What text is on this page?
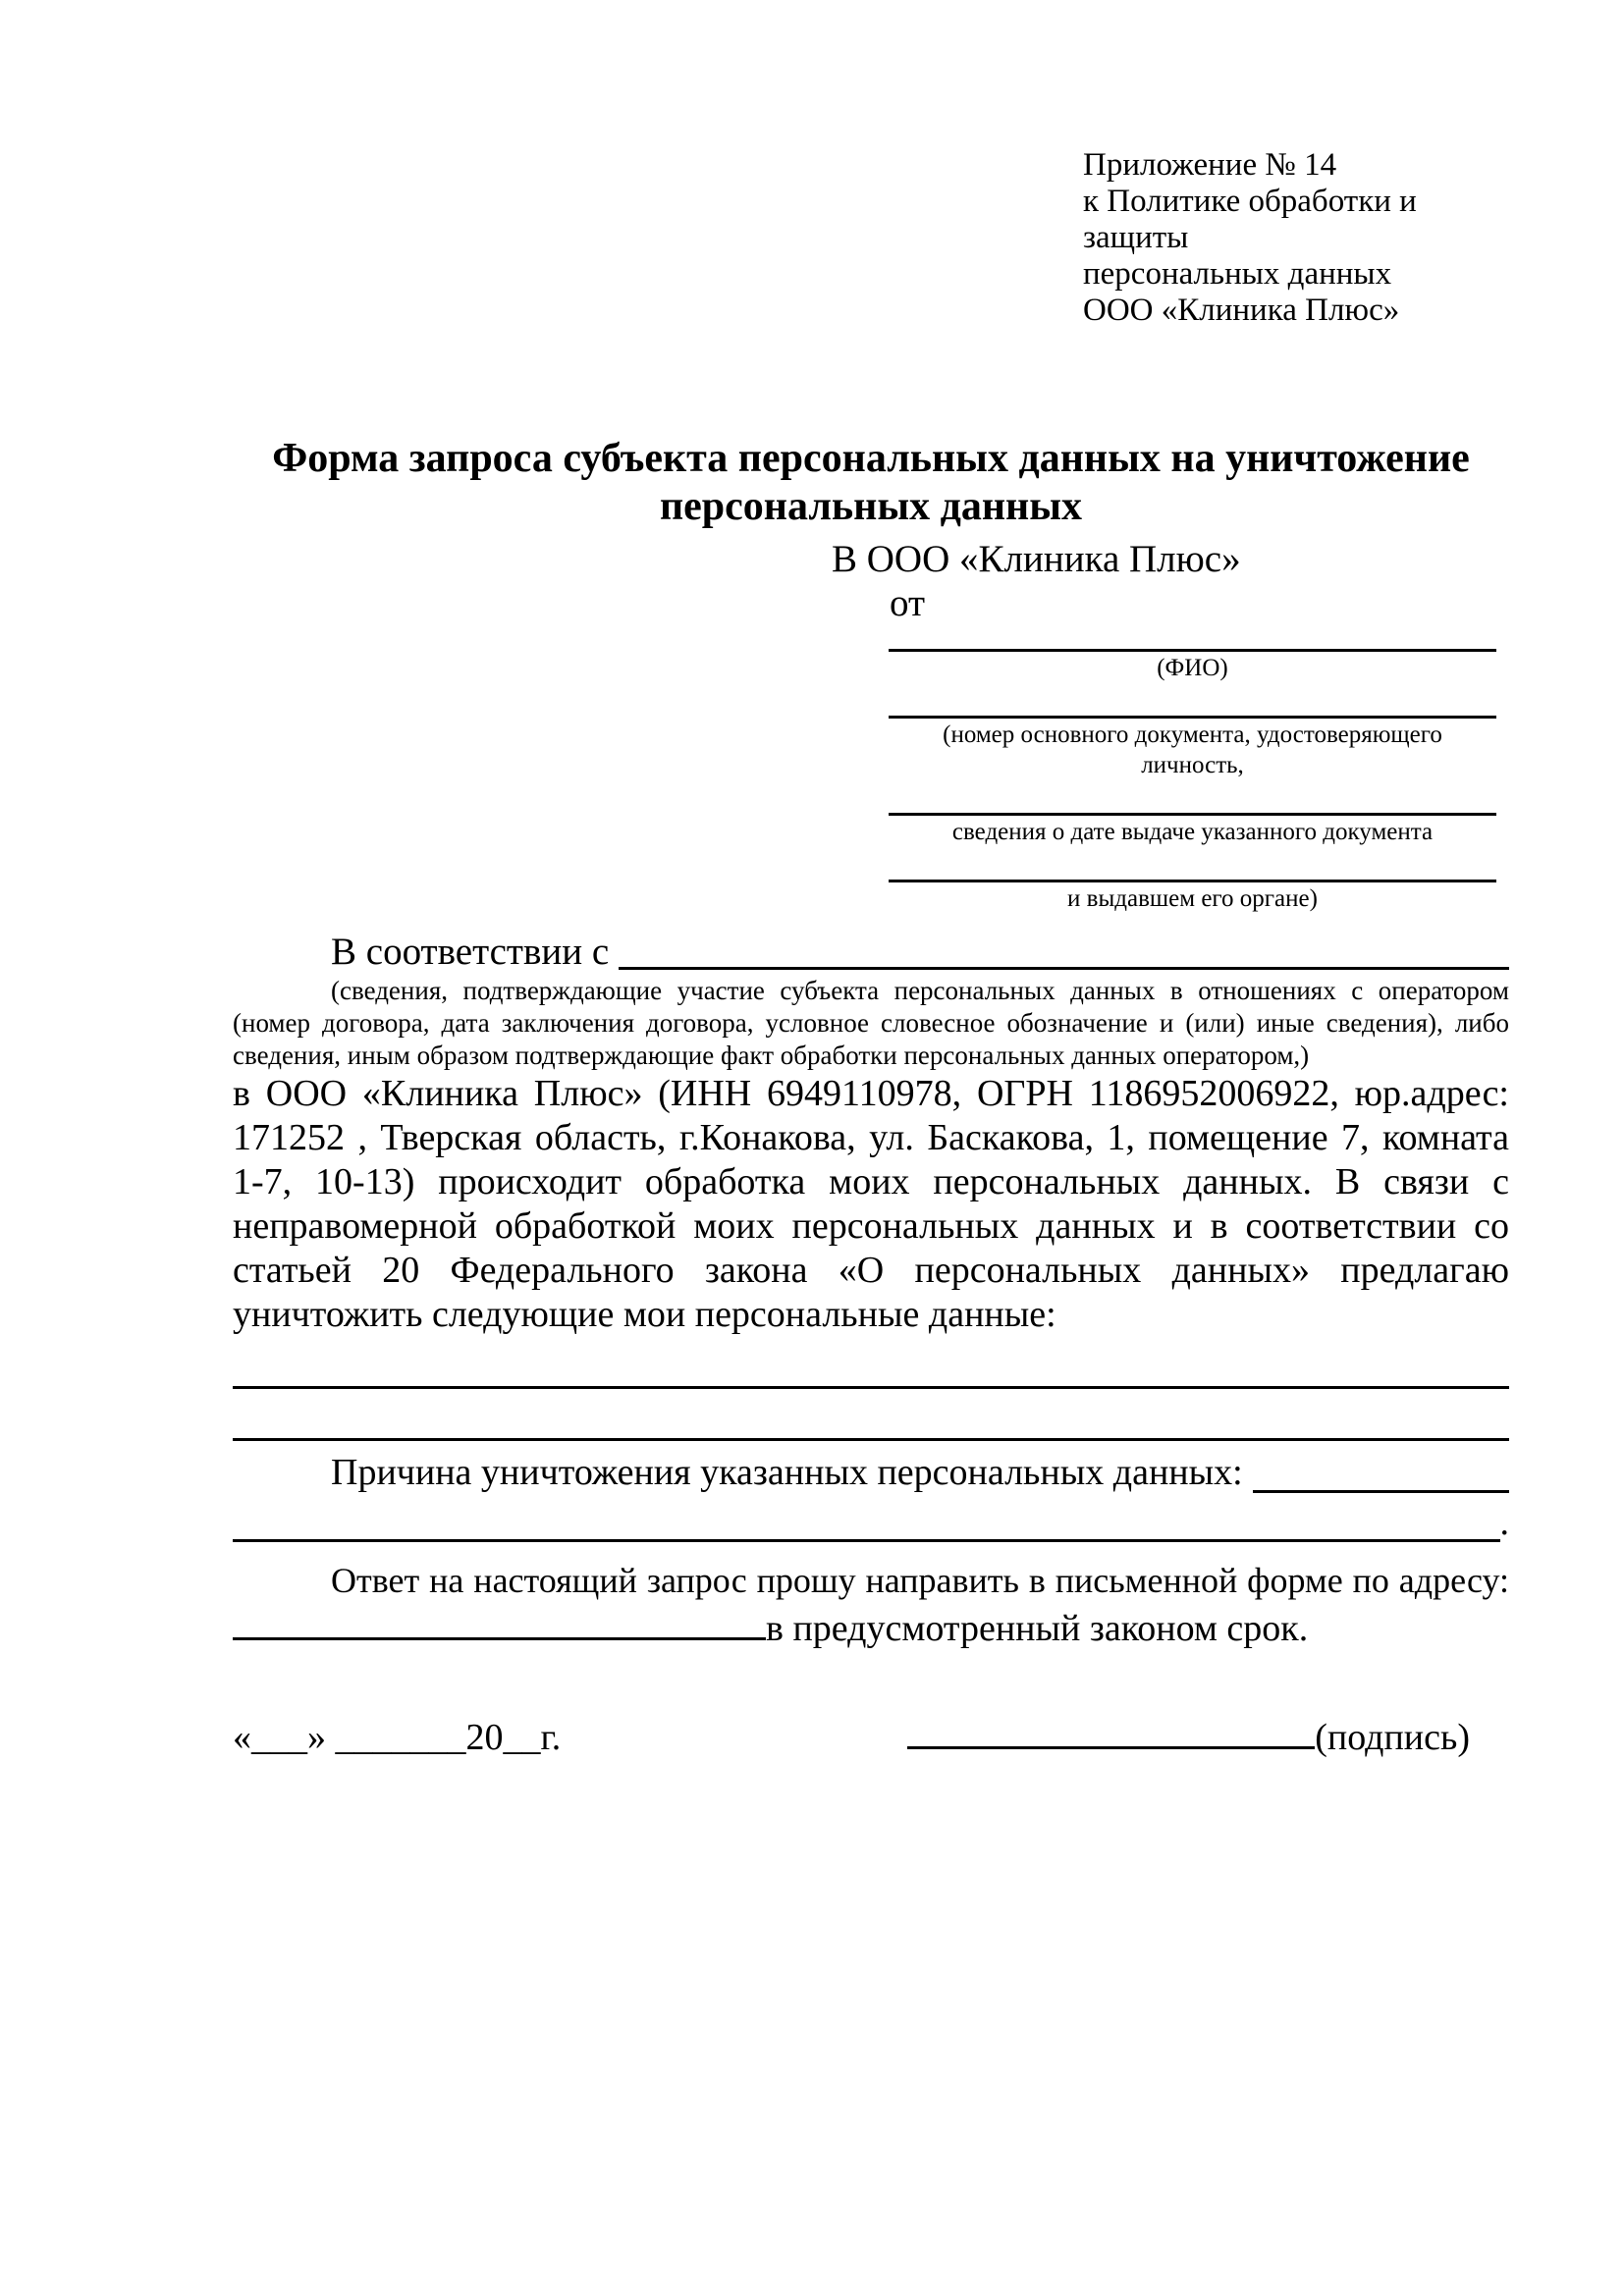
Приложение № 14
к Политике обработки и защиты
персональных данных
ООО «Клиника Плюс»
Форма запроса субъекта персональных данных на уничтожение
персональных данных
В ООО «Клиника Плюс»
от
(ФИО)
(номер основного документа, удостоверяющего личность,
сведения о дате выдаче указанного документа
и выдавшем его органе)
В соответствии с
(сведения, подтверждающие участие субъекта персональных данных в отношениях с оператором (номер договора, дата заключения договора, условное словесное обозначение и (или) иные сведения), либо сведения, иным образом подтверждающие факт обработки персональных данных оператором,)
в ООО «Клиника Плюс» (ИНН 6949110978, ОГРН 1186952006922, юр.адрес: 171252 , Тверская область, г.Конакова, ул. Баскакова, 1, помещение 7, комната 1-7, 10-13) происходит обработка моих персональных данных. В связи с неправомерной обработкой моих персональных данных и в соответствии со статьей 20 Федерального закона «О персональных данных» предлагаю уничтожить следующие мои персональные данные:
Причина уничтожения указанных персональных данных:
.
Ответ на настоящий запрос прошу направить в письменной форме по адресу:
в предусмотренный законом срок.
«___» _______20__г.	(подпись)
